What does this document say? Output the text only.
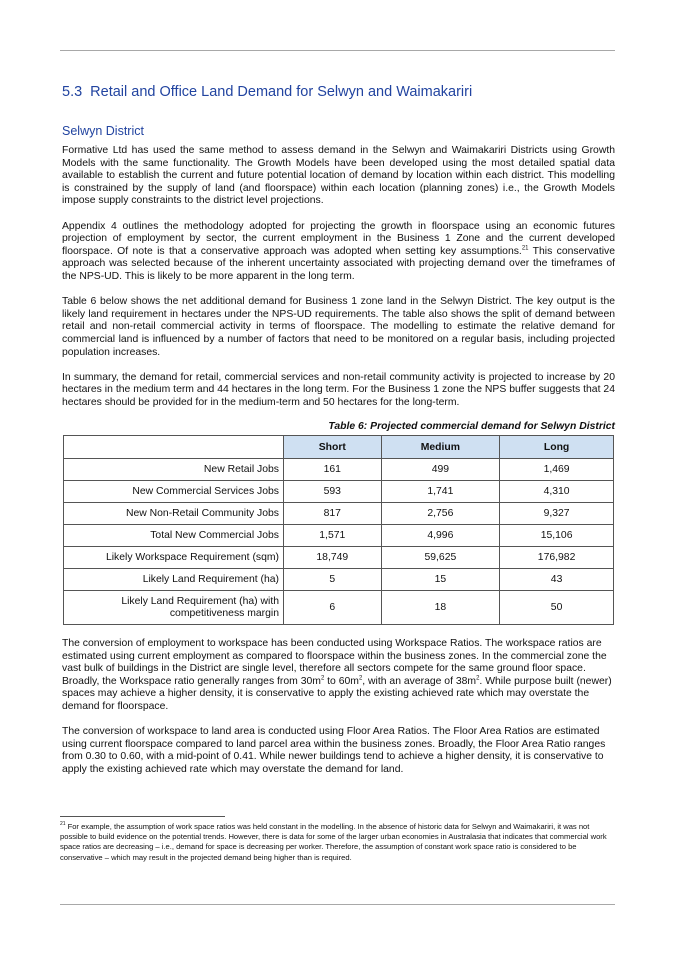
5.3 Retail and Office Land Demand for Selwyn and Waimakariri
Selwyn District

Formative Ltd has used the same method to assess demand in the Selwyn and Waimakariri Districts using Growth Models with the same functionality. The Growth Models have been developed using the most detailed spatial data available to establish the current and future potential location of demand by location within each district. This modelling is constrained by the supply of land (and floorspace) within each location (planning zones) i.e., the Growth Models impose supply constraints to the district level projections.

Appendix 4 outlines the methodology adopted for projecting the growth in floorspace using an economic futures projection of employment by sector, the current employment in the Business 1 Zone and the current developed floorspace. Of note is that a conservative approach was adopted when setting key assumptions.$^{21}$ This conservative approach was selected because of the inherent uncertainty associated with projecting demand over the timeframes of the NPS-UD. This is likely to be more apparent in the long term.

Table 6 below shows the net additional demand for Business 1 zone land in the Selwyn District. The key output is the likely land requirement in hectares under the NPS-UD requirements. The table also shows the split of demand between retail and non-retail commercial activity in terms of floorspace. The modelling to estimate the relative demand for commercial land is influenced by a number of factors that need to be monitored on a regular basis, including projected population increases.

In summary, the demand for retail, commercial services and non-retail community activity is projected to increase by 20 hectares in the medium term and 44 hectares in the long term. For the Business 1 zone the NPS buffer suggests that 24 hectares should be provided for in the medium-term and 50 hectares for the long-term.

Table 6: Projected commercial demand for Selwyn District
	Short	Medium	Long
New Retail Jobs	161	499	1,469
New Commercial Services Jobs	593	1,741	4,310
New Non-Retail Community Jobs	817	2,756	9,327
Total New Commercial Jobs	1,571	4,996	15,106
Likely Workspace Requirement (sqm)	18,749	59,625	176,982
Likely Land Requirement (ha)	5	15	43
Likely Land Requirement (ha) with
competitiveness margin	6	18	50

The conversion of employment to workspace has been conducted using Workspace Ratios. The workspace ratios are estimated using current employment as compared to floorspace within the business zones. In the commercial zone the vast bulk of buildings in the District are single level, therefore all sectors compete for the same ground floor space. Broadly, the Workspace ratio generally ranges from $30m^2$ to $60m^2$, with an average of $38m^2$. While purpose built (newer) spaces may achieve a higher density, it is conservative to apply the existing achieved rate which may overstate the demand for floorspace.

The conversion of workspace to land area is conducted using Floor Area Ratios. The Floor Area Ratios are estimated using current floorspace compared to land parcel area within the business zones. Broadly, the Floor Area Ratio ranges from 0.30 to 0.60, with a mid-point of 0.41. While newer buildings tend to achieve a higher density, it is conservative to apply the existing achieved rate which may overstate the demand for land.

$^{21}$ For example, the assumption of work space ratios was held constant in the modelling. In the absence of historic data for Selwyn and Waimakariri, it was not possible to build evidence on the potential trends. However, there is data for some of the larger urban economies in Australasia that indicates that commercial work space ratios are decreasing – i.e., demand for space is decreasing per worker. Therefore, the assumption of constant work space ratio is considered to be conservative – which may result in the projected demand being higher than is required.
